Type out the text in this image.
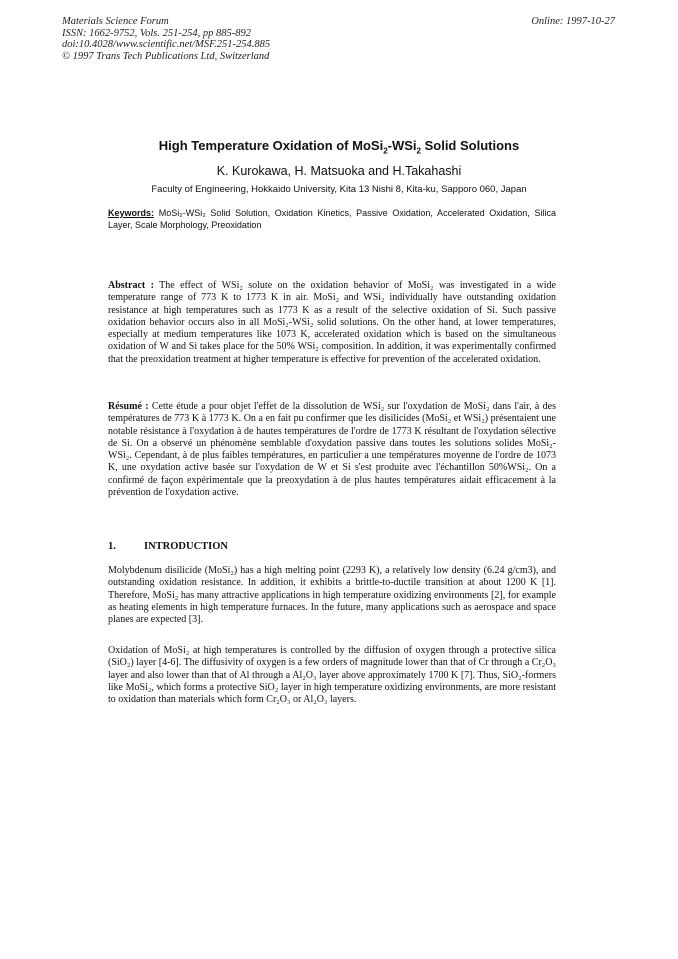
Materials Science Forum
ISSN: 1662-9752, Vols. 251-254, pp 885-892
doi:10.4028/www.scientific.net/MSF.251-254.885
© 1997 Trans Tech Publications Ltd, Switzerland
Online: 1997-10-27
High Temperature Oxidation of MoSi$_2$-WSi$_2$ Solid Solutions
K. Kurokawa, H. Matsuoka and H.Takahashi
Faculty of Engineering, Hokkaido University, Kita 13 Nishi 8, Kita-ku, Sapporo 060, Japan
Keywords: MoSi₂-WSi₂ Solid Solution, Oxidation Kinetics, Passive Oxidation, Accelerated Oxidation, Silica Layer, Scale Morphology, Preoxidation
Abstract : The effect of WSi₂ solute on the oxidation behavior of MoSi₂ was investigated in a wide temperature range of 773 K to 1773 K in air. MoSi₂ and WSi₂ individually have outstanding oxidation resistance at high temperatures such as 1773 K as a result of the selective oxidation of Si. Such passive oxidation behavior occurs also in all MoSi₂-WSi₂ solid solutions. On the other hand, at lower temperatures, especially at medium temperatures like 1073 K, accelerated oxidation which is based on the simultaneous oxidation of W and Si takes place for the 50% WSi₂ composition. In addition, it was experimentally confirmed that the preoxidation treatment at higher temperature is effective for prevention of the accelerated oxidation.
Résumé : Cette étude a pour objet l'effet de la dissolution de WSi₂ sur l'oxydation de MoSi₂ dans l'air, à des températures de 773 K à 1773 K. On a en fait pu confirmer que les disilicides (MoSi₂ et WSi₂) présentaient une notable résistance à l'oxydation à de hautes températures de l'ordre de 1773 K résultant de l'oxydation sélective de Si. On a observé un phénomène semblable d'oxydation passive dans toutes les solutions solides MoSi₂-WSi₂. Cependant, à de plus faibles températures, en particulier a une températures moyenne de l'ordre de 1073 K, une oxydation active basée sur l'oxydation de W et Si s'est produite avec l'échantillon 50%WSi₂. On a confirmé de façon expérimentale que la preoxydation à de plus hautes températures aidait efficacement à la prévention de l'oxydation active.
1.	INTRODUCTION
Molybdenum disilicide (MoSi₂) has a high melting point (2293 K), a relatively low density (6.24 g/cm3), and outstanding oxidation resistance. In addition, it exhibits a brittle-to-ductile transition at about 1200 K [1]. Therefore, MoSi₂ has many attractive applications in high temperature oxidizing environments [2], for example as heating elements in high temperature furnaces. In the future, many applications such as aerospace and space planes are expected [3].
Oxidation of MoSi₂ at high temperatures is controlled by the diffusion of oxygen through a protective silica (SiO₂) layer [4-6]. The diffusivity of oxygen is a few orders of magnitude lower than that of Cr through a Cr₂O₃ layer and also lower than that of Al through a Al₂O₃ layer above approximately 1700 K [7]. Thus, SiO₂-formers like MoSi₂, which forms a protective SiO₂ layer in high temperature oxidizing environments, are more resistant to oxidation than materials which form Cr₂O₃ or Al₂O₃ layers.
